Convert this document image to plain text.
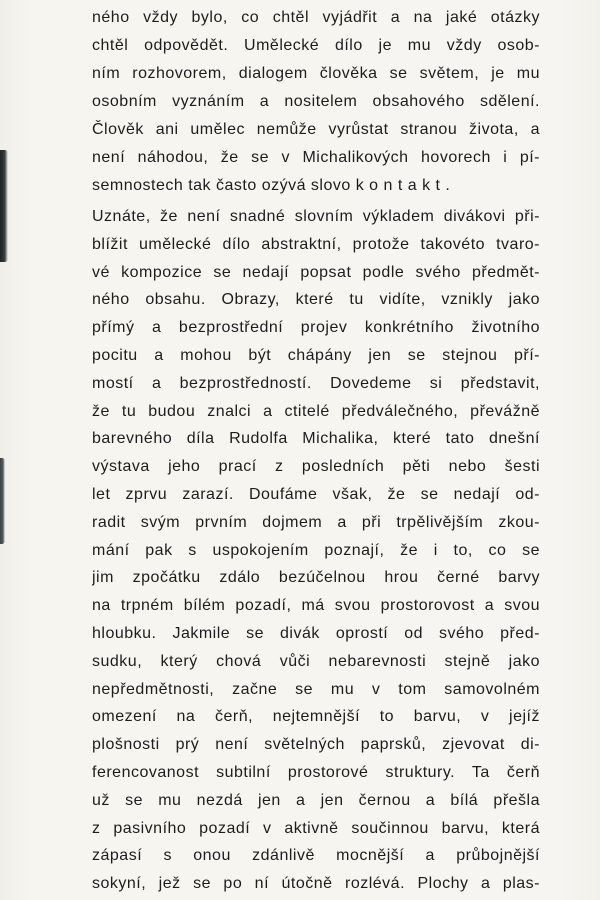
ného vždy bylo, co chtěl vyjádřit a na jaké otázky
chtěl odpovědět. Umělecké dílo je mu vždy osob-
ním rozhovorem, dialogem člověka se světem, je mu
osobním vyznáním a nositelem obsahového sdělení.
Člověk ani umělec nemůže vyrůstat stranou života, a
není náhodou, že se v Michalikových hovorech i pí-
semnostech tak často ozývá slovo k o n t a k t .
Uznáte, že není snadné slovním výkladem divákovi při-
blížit umělecké dílo abstraktní, protože takovéto tvaro-
vé kompozice se nedají popsat podle svého předmět-
ného obsahu. Obrazy, které tu vidíte, vznikly jako
přímý a bezprostřední projev konkrétního životního
pocitu a mohou být chápány jen se stejnou pří-
mostí a bezprostředností. Dovedeme si představit,
že tu budou znalci a ctitelé předválečného, převážně
barevného díla Rudolfa Michalika, které tato dnešní
výstava jeho prací z posledních pěti nebo šesti
let zprvu zarazí. Doufáme však, že se nedají od-
radit svým prvním dojmem a při trpělivějším zkou-
mání pak s uspokojením poznají, že i to, co se
jim zpočátku zdálo bezúčelnou hrou černé barvy
na trpném bílém pozadí, má svou prostorovost a svou
hloubku. Jakmile se divák oprostí od svého před-
sudku, který chová vůči nebarevnosti stejně jako
nepředmětnosti, začne se mu v tom samovolném
omezení na čerň, nejtemnější to barvu, v jejíž
plošnosti prý není světelných paprsků, zjevovat di-
ferencovanost subtilní prostorové struktury. Ta čerň
už se mu nezdá jen a jen černou a bílá přešla
z pasivního pozadí v aktivně součinnou barvu, která
zápasí s onou zdánlivě mocnější a průbojnější
sokyní, jež se po ní útočně rozlévá. Plochy a plas-
